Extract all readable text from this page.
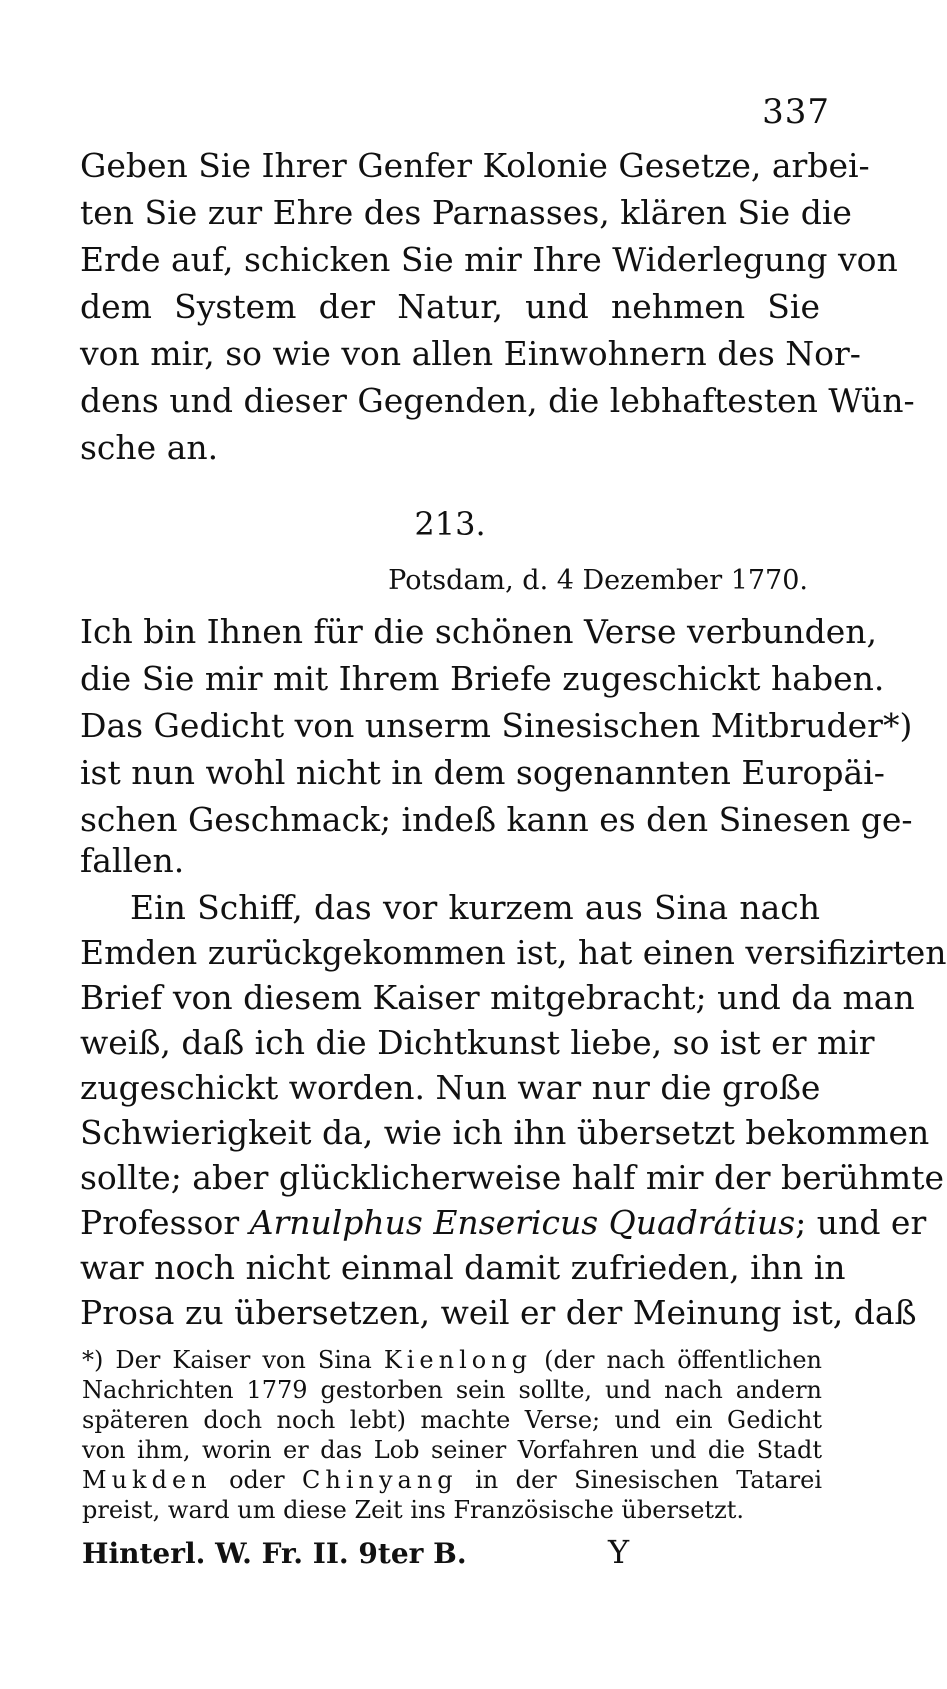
337
Geben Sie Ihrer Genfer Kolonie Gesetze, arbei-
ten Sie zur Ehre des Parnasses, klären Sie die
Erde auf, schicken Sie mir Ihre Widerlegung von
dem System der Natur, und nehmen Sie
von mir, so wie von allen Einwohnern des Nor-
dens und dieser Gegenden, die lebhaftesten Wün-
sche an.
213.
Potsdam, d. 4 Dezember 1770.
Ich bin Ihnen für die schönen Verse verbunden,
die Sie mir mit Ihrem Briefe zugeschickt haben.
Das Gedicht von unserm Sinesischen Mitbruder*)
ist nun wohl nicht in dem sogenannten Europäi-
schen Geschmack; indeß kann es den Sinesen ge-
fallen.
Ein Schiff, das vor kurzem aus Sina nach
Emden zurückgekommen ist, hat einen versifizirten
Brief von diesem Kaiser mitgebracht; und da man
weiß, daß ich die Dichtkunst liebe, so ist er mir
zugeschickt worden. Nun war nur die große
Schwierigkeit da, wie ich ihn übersetzt bekommen
sollte; aber glücklicherweise half mir der berühmte
Professor Arnulphus Ensericus Quadrátius; und er
war noch nicht einmal damit zufrieden, ihn in
Prosa zu übersetzen, weil er der Meinung ist, daß
*) Der Kaiser von Sina Kienlong (der nach öffentlichen
Nachrichten 1779 gestorben sein sollte, und nach andern
späteren doch noch lebt) machte Verse; und ein Gedicht
von ihm, worin er das Lob seiner Vorfahren und die Stadt
Mukden oder Chinyang in der Sinesischen Tatarei
preist, ward um diese Zeit ins Französische übersetzt.
Hinterl. W. Fr. II. 9ter B.	Y
